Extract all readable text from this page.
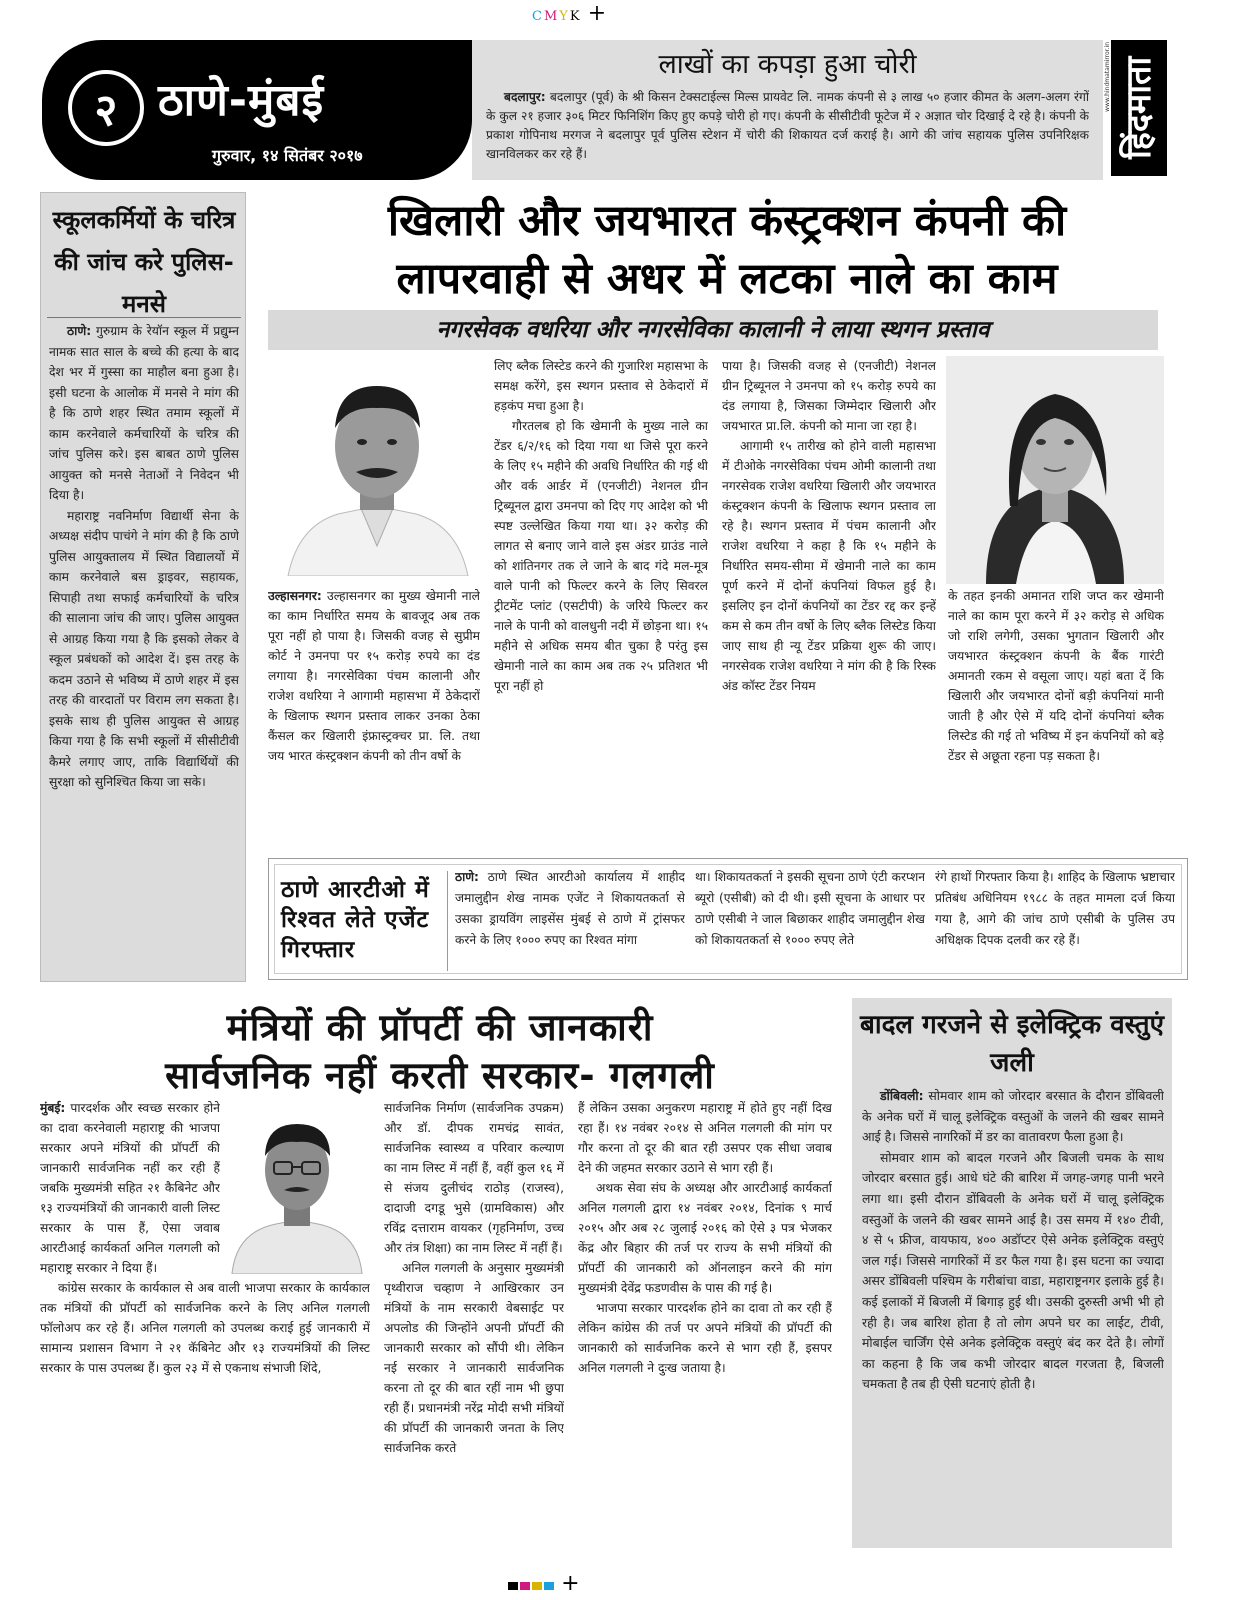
CMYK +
२ ठाणे-मुंबई
गुरुवार, १४ सितंबर २०१७
लाखों का कपड़ा हुआ चोरी

बदलापुर: बदलापुर (पूर्व) के श्री किसन टेक्सटाईल्स मिल्स प्रायवेट लि. नामक कंपनी से ३ लाख ५० हजार कीमत के अलग-अलग रंगों के कुल २१ हजार ३०६ मिटर फिनिशिंग किए हुए कपड़े चोरी हो गए। कंपनी के सीसीटीवी फूटेज में २ अज्ञात चोर दिखाई दे रहे है। कंपनी के प्रकाश गोपिनाथ मरगज ने बदलापुर पूर्व पुलिस स्टेशन में चोरी की शिकायत दर्ज कराई है। आगे की जांच सहायक पुलिस उपनिरिक्षक खानविलकर कर रहे हैं।

www.hindmatamirror.in हिंदमाता
स्कूलकर्मियों के चरित्र की जांच करे पुलिस- मनसे

ठाणे: गुरुग्राम के रेयॉन स्कूल में प्रद्युम्न नामक सात साल के बच्चे की हत्या के बाद देश भर में गुस्सा का माहौल बना हुआ है। इसी घटना के आलोक में मनसे ने मांग की है कि ठाणे शहर स्थित तमाम स्कूलों में काम करनेवाले कर्मचारियों के चरित्र की जांच पुलिस करे। इस बाबत ठाणे पुलिस आयुक्त को मनसे नेताओं ने निवेदन भी दिया है।

महाराष्ट्र नवनिर्माण विद्यार्थी सेना के अध्यक्ष संदीप पाचंगे ने मांग की है कि ठाणे पुलिस आयुक्तालय में स्थित विद्यालयों में काम करनेवाले बस ड्राइवर, सहायक, सिपाही तथा सफाई कर्मचारियों के चरित्र की सालाना जांच की जाए। पुलिस आयुक्त से आग्रह किया गया है कि इसको लेकर वे स्कूल प्रबंधकों को आदेश दें। इस तरह के कदम उठाने से भविष्य में ठाणे शहर में इस तरह की वारदातों पर विराम लग सकता है। इसके साथ ही पुलिस आयुक्त से आग्रह किया गया है कि सभी स्कूलों में सीसीटीवी कैमरे लगाए जाए, ताकि विद्यार्थियों की सुरक्षा को सुनिश्चित किया जा सके।

खिलारी और जयभारत कंस्ट्रक्शन कंपनी की
लापरवाही से अधर में लटका नाले का काम
नगरसेवक वधरिया और नगरसेविका कालानी ने लाया स्थगन प्रस्ताव

उल्हासनगर: उल्हासनगर का मुख्य खेमानी नाले का काम निर्धारित समय के बावजूद अब तक पूरा नहीं हो पाया है। जिसकी वजह से सुप्रीम कोर्ट ने उमनपा पर १५ करोड़ रुपये का दंड लगाया है। नगरसेविका पंचम कालानी और राजेश वधरिया ने आगामी महासभा में ठेकेदारों के खिलाफ स्थगन प्रस्ताव लाकर उनका ठेका कैंसल कर खिलारी इंफ्रास्ट्रक्चर प्रा. लि. तथा जय भारत कंस्ट्रक्शन कंपनी को तीन वर्षो के

लिए ब्लैक लिस्टेड करने की गुजारिश महासभा के समक्ष करेंगे, इस स्थगन प्रस्ताव से ठेकेदारों में हड़कंप मचा हुआ है।

गौरतलब हो कि खेमानी के मुख्य नाले का टेंडर ६/२/१६ को दिया गया था जिसे पूरा करने के लिए १५ महीने की अवधि निर्धारित की गई थी और वर्क आर्डर में (एनजीटी) नेशनल ग्रीन ट्रिब्यूनल द्वारा उमनपा को दिए गए आदेश को भी स्पष्ट उल्लेखित किया गया था। ३२ करोड़ की लागत से बनाए जाने वाले इस अंडर ग्राउंड नाले को शांतिनगर तक ले जाने के बाद गंदे मल-मूत्र वाले पानी को फिल्टर करने के लिए सिवरल ट्रीटमेंट प्लांट (एसटीपी) के जरिये फिल्टर कर नाले के पानी को वालधुनी नदी में छोड़ना था। १५ महीने से अधिक समय बीत चुका है परंतु इस खेमानी नाले का काम अब तक २५ प्रतिशत भी पूरा नहीं हो

पाया है। जिसकी वजह से (एनजीटी) नेशनल ग्रीन ट्रिब्यूनल ने उमनपा को १५ करोड़ रुपये का दंड लगाया है, जिसका जिम्मेदार खिलारी और जयभारत प्रा.लि. कंपनी को माना जा रहा है।

आगामी १५ तारीख को होने वाली महासभा में टीओके नगरसेविका पंचम ओमी कालानी तथा नगरसेवक राजेश वधरिया खिलारी और जयभारत कंस्ट्रक्शन कंपनी के खिलाफ स्थगन प्रस्ताव ला रहे है। स्थगन प्रस्ताव में पंचम कालानी और राजेश वधरिया ने कहा है कि १५ महीने के निर्धारित समय-सीमा में खेमानी नाले का काम पूर्ण करने में दोनों कंपनियां विफल हुई है। इसलिए इन दोनों कंपनियों का टेंडर रद्द कर इन्हें कम से कम तीन वर्षो के लिए ब्लैक लिस्टेड किया जाए साथ ही न्यू टेंडर प्रक्रिया शुरू की जाए। नगरसेवक राजेश वधरिया ने मांग की है कि रिस्क अंड कॉस्ट टेंडर नियम

के तहत इनकी अमानत राशि जप्त कर खेमानी नाले का काम पूरा करने में ३२ करोड़ से अधिक जो राशि लगेगी, उसका भुगतान खिलारी और जयभारत कंस्ट्रक्शन कंपनी के बैंक गारंटी अमानती रकम से वसूला जाए। यहां बता दें कि खिलारी और जयभारत दोनों बड़ी कंपनियां मानी जाती है और ऐसे में यदि दोनों कंपनियां ब्लैक लिस्टेड की गई तो भविष्य में इन कंपनियों को बड़े टेंडर से अछूता रहना पड़ सकता है।

ठाणे आरटीओ में रिश्वत लेते एजेंट गिरफ्तार

ठाणे: ठाणे स्थित आरटीओ कार्यालय में शाहीद जमालुद्दीन शेख नामक एजेंट ने शिकायतकर्ता से उसका ड्रायविंग लाइसेंस मुंबई से ठाणे में ट्रांसफर करने के लिए १००० रुपए का रिश्वत मांगा

था। शिकायतकर्ता ने इसकी सूचना ठाणे एंटी करप्शन ब्यूरो (एसीबी) को दी थी। इसी सूचना के आधार पर ठाणे एसीबी ने जाल बिछाकर शाहीद जमालुद्दीन शेख को शिकायतकर्ता से १००० रुपए लेते

रंगे हाथों गिरफ्तार किया है। शाहिद के खिलाफ भ्रष्टाचार प्रतिबंध अधिनियम १९८८ के तहत मामला दर्ज किया गया है, आगे की जांच ठाणे एसीबी के पुलिस उप अधिक्षक दिपक दलवी कर रहे हैं।

मंत्रियों की प्रॉपर्टी की जानकारी
सार्वजनिक नहीं करती सरकार- गलगली

मुंबई: पारदर्शक और स्वच्छ सरकार होने का दावा करनेवाली महाराष्ट्र की भाजपा सरकार अपने मंत्रियों की प्रॉपर्टी की जानकारी सार्वजनिक नहीं कर रही हैं जबकि मुख्यमंत्री सहित २१ कैबिनेट और १३ राज्यमंत्रियों की जानकारी वाली लिस्ट सरकार के पास हैं, ऐसा जवाब आरटीआई कार्यकर्ता अनिल गलगली को महाराष्ट्र सरकार ने दिया हैं।

कांग्रेस सरकार के कार्यकाल से अब वाली भाजपा सरकार के कार्यकाल तक मंत्रियों की प्रॉपर्टी को सार्वजनिक करने के लिए अनिल गलगली फॉलोअप कर रहे हैं। अनिल गलगली को उपलब्ध कराई हुई जानकारी में सामान्य प्रशासन विभाग ने २१ कॅबिनेट और १३ राज्यमंत्रियों की लिस्ट सरकार के पास उपलब्ध हैं। कुल २३ में से एकनाथ संभाजी शिंदे,

सार्वजनिक निर्माण (सार्वजनिक उपक्रम) और डॉ. दीपक रामचंद्र सावंत, सार्वजनिक स्वास्थ्य व परिवार कल्याण का नाम लिस्ट में नहीं हैं, वहीं कुल १६ में से संजय दुलीचंद राठोड़ (राजस्व), दादाजी दगडू भुसे (ग्रामविकास) और रविंद्र दत्ताराम वायकर (गृहनिर्माण, उच्च और तंत्र शिक्षा) का नाम लिस्ट में नहीं हैं।

अनिल गलगली के अनुसार मुख्यमंत्री पृथ्वीराज चव्हाण ने आखिरकार उन मंत्रियों के नाम सरकारी वेबसाईट पर अपलोड की जिन्होंने अपनी प्रॉपर्टी की जानकारी सरकार को सौंपी थी। लेकिन नई सरकार ने जानकारी सार्वजनिक करना तो दूर की बात रहीं नाम भी छुपा रही हैं। प्रधानमंत्री नरेंद्र मोदी सभी मंत्रियों की प्रॉपर्टी की जानकारी जनता के लिए सार्वजनिक करते

हैं लेकिन उसका अनुकरण महाराष्ट्र में होते हुए नहीं दिख रहा हैं। १४ नवंबर २०१४ से अनिल गलगली की मांग पर गौर करना तो दूर की बात रही उसपर एक सीधा जवाब देने की जहमत सरकार उठाने से भाग रही हैं।

अथक सेवा संघ के अध्यक्ष और आरटीआई कार्यकर्ता अनिल गलगली द्वारा १४ नवंबर २०१४, दिनांक ९ मार्च २०१५ और अब २८ जुलाई २०१६ को ऐसे ३ पत्र भेजकर केंद्र और बिहार की तर्ज पर राज्य के सभी मंत्रियों की प्रॉपर्टी की जानकारी को ऑनलाइन करने की मांग मुख्यमंत्री देवेंद्र फडणवीस के पास की गई है।

भाजपा सरकार पारदर्शक होने का दावा तो कर रही हैं लेकिन कांग्रेस की तर्ज पर अपने मंत्रियों की प्रॉपर्टी की जानकारी को सार्वजनिक करने से भाग रही हैं, इसपर अनिल गलगली ने दुःख जताया है।

बादल गरजने से इलेक्ट्रिक वस्तुएं जली

डोंबिवली: सोमवार शाम को जोरदार बरसात के दौरान डोंबिवली के अनेक घरों में चालू इलेक्ट्रिक वस्तुओं के जलने की खबर सामने आई है। जिससे नागरिकों में डर का वातावरण फैला हुआ है।

सोमवार शाम को बादल गरजने और बिजली चमक के साथ जोरदार बरसात हुई। आधे घंटे की बारिश में जगह-जगह पानी भरने लगा था। इसी दौरान डोंबिवली के अनेक घरों में चालू इलेक्ट्रिक वस्तुओं के जलने की खबर सामने आई है। उस समय में १४० टीवी, ४ से ५ फ्रीज, वायफाय, ४०० अडॉप्टर ऐसे अनेक इलेक्ट्रिक वस्तुएं जल गई। जिससे नागरिकों में डर फैल गया है। इस घटना का ज्यादा असर डोंबिवली पश्चिम के गरीबांचा वाडा, महाराष्ट्रनगर इलाके हुई है। कई इलाकों में बिजली में बिगाड़ हुई थी। उसकी दुरुस्ती अभी भी हो रही है। जब बारिश होता है तो लोग अपने घर का लाईट, टीवी, मोबाईल चार्जिंग ऐसे अनेक इलेक्ट्रिक वस्तुएं बंद कर देते है। लोगों का कहना है कि जब कभी जोरदार बादल गरजता है, बिजली चमकता है तब ही ऐसी घटनाएं होती है।

+
